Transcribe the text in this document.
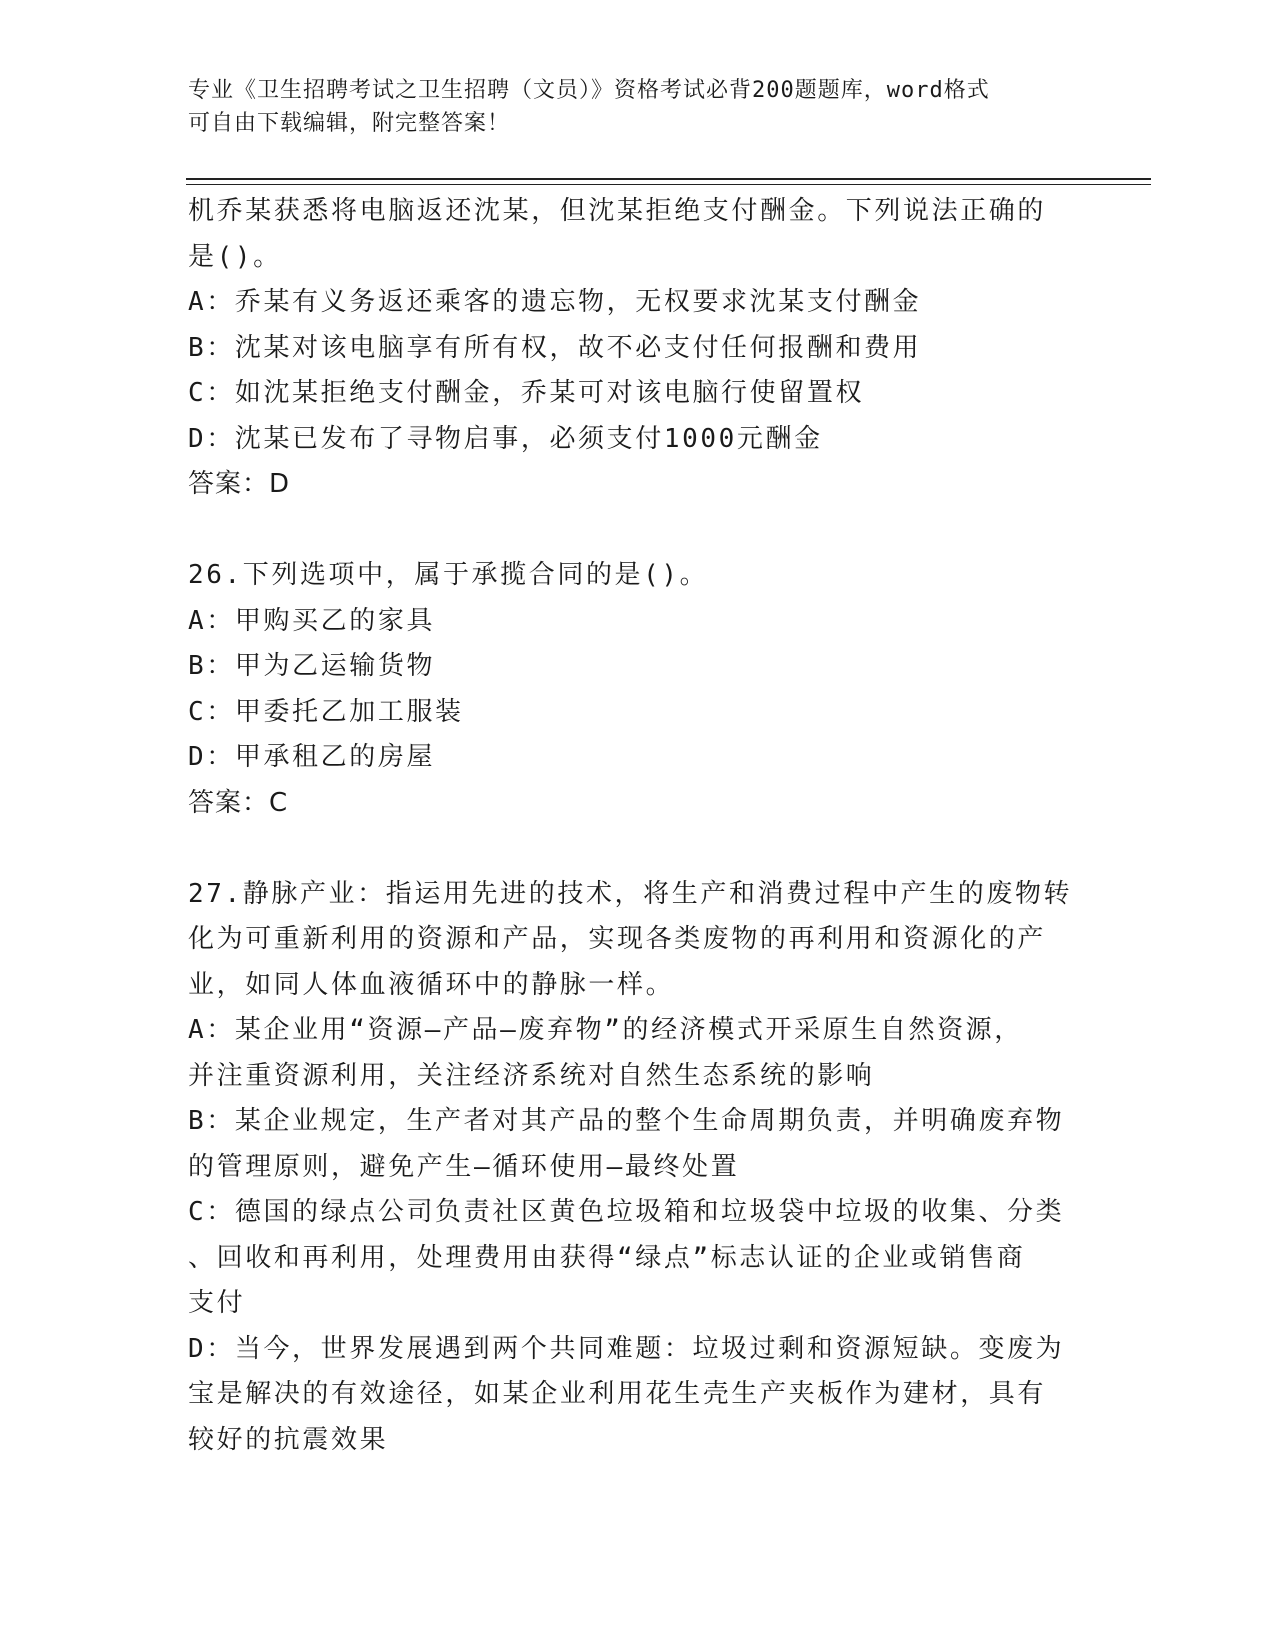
专业《卫生招聘考试之卫生招聘（文员）》资格考试必背200题题库，word格式
可自由下载编辑，附完整答案！
机乔某获悉将电脑返还沈某，但沈某拒绝支付酬金。下列说法正确的
是()。
A：乔某有义务返还乘客的遗忘物，无权要求沈某支付酬金
B：沈某对该电脑享有所有权，故不必支付任何报酬和费用
C：如沈某拒绝支付酬金，乔某可对该电脑行使留置权
D：沈某已发布了寻物启事，必须支付1000元酬金
答案：D
26.下列选项中，属于承揽合同的是()。
A：甲购买乙的家具
B：甲为乙运输货物
C：甲委托乙加工服装
D：甲承租乙的房屋
答案：C
27.静脉产业：指运用先进的技术，将生产和消费过程中产生的废物转
化为可重新利用的资源和产品，实现各类废物的再利用和资源化的产
业，如同人体血液循环中的静脉一样。
A：某企业用“资源—产品—废弃物”的经济模式开采原生自然资源，
并注重资源利用，关注经济系统对自然生态系统的影响
B：某企业规定，生产者对其产品的整个生命周期负责，并明确废弃物
的管理原则，避免产生—循环使用—最终处置
C：德国的绿点公司负责社区黄色垃圾箱和垃圾袋中垃圾的收集、分类
、回收和再利用，处理费用由获得“绿点”标志认证的企业或销售商
支付
D：当今，世界发展遇到两个共同难题：垃圾过剩和资源短缺。变废为
宝是解决的有效途径，如某企业利用花生壳生产夹板作为建材，具有
较好的抗震效果
